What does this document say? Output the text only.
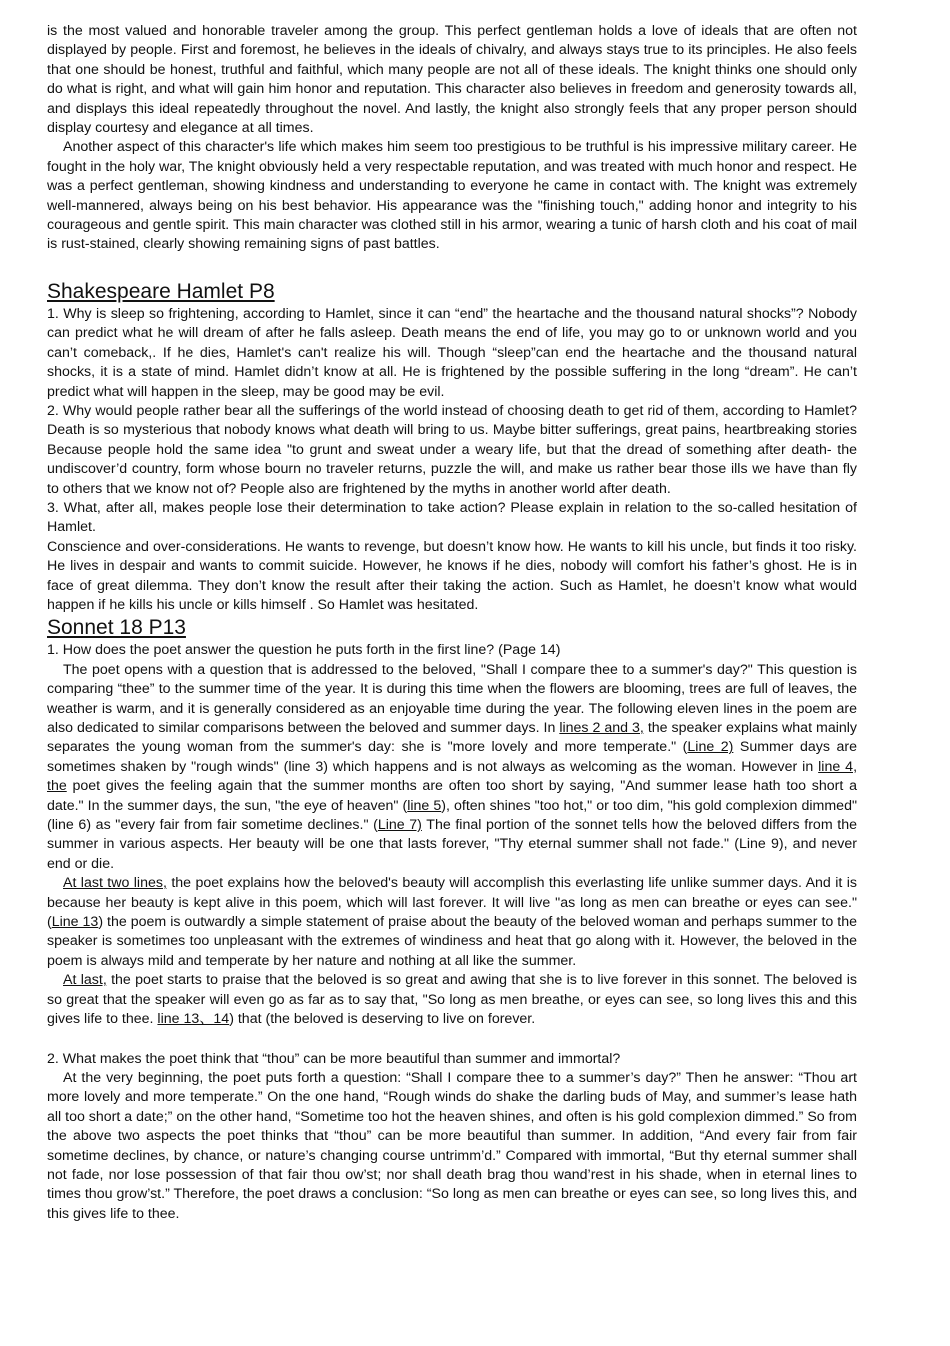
is the most valued and honorable traveler among the group. This perfect gentleman holds a love of ideals that are often not displayed by people. First and foremost, he believes in the ideals of chivalry, and always stays true to its principles. He also feels that one should be honest, truthful and faithful, which many people are not all of these ideals. The knight thinks one should only do what is right, and what will gain him honor and reputation. This character also believes in freedom and generosity towards all, and displays this ideal repeatedly throughout the novel. And lastly, the knight also strongly feels that any proper person should display courtesy and elegance at all times.

Another aspect of this character's life which makes him seem too prestigious to be truthful is his impressive military career. He fought in the holy war, The knight obviously held a very respectable reputation, and was treated with much honor and respect. He was a perfect gentleman, showing kindness and understanding to everyone he came in contact with. The knight was extremely well-mannered, always being on his best behavior. His appearance was the "finishing touch," adding honor and integrity to his courageous and gentle spirit. This main character was clothed still in his armor, wearing a tunic of harsh cloth and his coat of mail is rust-stained, clearly showing remaining signs of past battles.

Shakespeare Hamlet P8

1. Why is sleep so frightening, according to Hamlet, since it can “end” the heartache and the thousand natural shocks”? Nobody can predict what he will dream of after he falls asleep. Death means the end of life, you may go to or unknown world and you can’t comeback,. If he dies, Hamlet's can't realize his will. Though “sleep”can end the heartache and the thousand natural shocks, it is a state of mind. Hamlet didn’t know at all. He is frightened by the possible suffering in the long “dream”. He can’t predict what will happen in the sleep, may be good may be evil.

2. Why would people rather bear all the sufferings of the world instead of choosing death to get rid of them, according to Hamlet? Death is so mysterious that nobody knows what death will bring to us. Maybe bitter sufferings, great pains, heartbreaking stories Because people hold the same idea "to grunt and sweat under a weary life, but that the dread of something after death- the undiscover’d country, form whose bourn no traveler returns, puzzle the will, and make us rather bear those ills we have than fly to others that we know not of? People also are frightened by the myths in another world after death.

3. What, after all, makes people lose their determination to take action? Please explain in relation to the so-called hesitation of Hamlet.

Conscience and over-considerations. He wants to revenge, but doesn’t know how. He wants to kill his uncle, but finds it too risky. He lives in despair and wants to commit suicide. However, he knows if he dies, nobody will comfort his father’s ghost. He is in face of great dilemma. They don’t know the result after their taking the action. Such as Hamlet, he doesn’t know what would happen if he kills his uncle or kills himself . So Hamlet was hesitated.

Sonnet 18 P13

1. How does the poet answer the question he puts forth in the first line? (Page 14)

The poet opens with a question that is addressed to the beloved, "Shall I compare thee to a summer's day?" This question is comparing “thee” to the summer time of the year. It is during this time when the flowers are blooming, trees are full of leaves, the weather is warm, and it is generally considered as an enjoyable time during the year. The following eleven lines in the poem are also dedicated to similar comparisons between the beloved and summer days. In lines 2 and 3, the speaker explains what mainly separates the young woman from the summer's day: she is "more lovely and more temperate." (Line 2) Summer days are sometimes shaken by "rough winds" (line 3) which happens and is not always as welcoming as the woman. However in line 4, the poet gives the feeling again that the summer months are often too short by saying, "And summer lease hath too short a date." In the summer days, the sun, "the eye of heaven" (line 5), often shines "too hot," or too dim, "his gold complexion dimmed" (line 6) as "every fair from fair sometime declines." (Line 7) The final portion of the sonnet tells how the beloved differs from the summer in various aspects. Her beauty will be one that lasts forever, "Thy eternal summer shall not fade." (Line 9), and never end or die.

At last two lines, the poet explains how the beloved's beauty will accomplish this everlasting life unlike summer days. And it is because her beauty is kept alive in this poem, which will last forever. It will live "as long as men can breathe or eyes can see." (Line 13) the poem is outwardly a simple statement of praise about the beauty of the beloved woman and perhaps summer to the speaker is sometimes too unpleasant with the extremes of windiness and heat that go along with it. However, the beloved in the poem is always mild and temperate by her nature and nothing at all like the summer.

At last, the poet starts to praise that the beloved is so great and awing that she is to live forever in this sonnet. The beloved is so great that the speaker will even go as far as to say that, "So long as men breathe, or eyes can see, so long lives this and this gives life to thee. line 13、14) that (the beloved is deserving to live on forever.

2. What makes the poet think that “thou” can be more beautiful than summer and immortal?

At the very beginning, the poet puts forth a question: “Shall I compare thee to a summer’s day?” Then he answer: “Thou art more lovely and more temperate.” On the one hand, “Rough winds do shake the darling buds of May, and summer’s lease hath all too short a date;” on the other hand, “Sometime too hot the heaven shines, and often is his gold complexion dimmed.” So from the above two aspects the poet thinks that “thou” can be more beautiful than summer. In addition, “And every fair from fair sometime declines, by chance, or nature’s changing course untrimm’d.” Compared with immortal, “But thy eternal summer shall not fade, nor lose possession of that fair thou ow’st; nor shall death brag thou wand’rest in his shade, when in eternal lines to times thou grow’st.” Therefore, the poet draws a conclusion: “So long as men can breathe or eyes can see, so long lives this, and this gives life to thee.
